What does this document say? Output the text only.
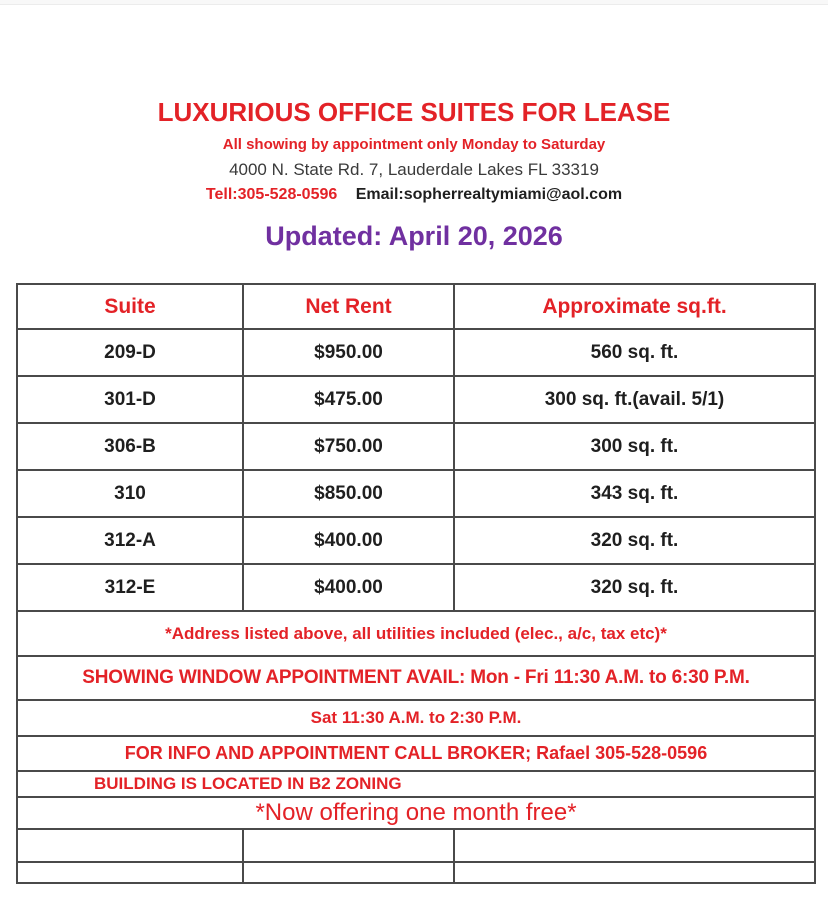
LUXURIOUS OFFICE SUITES FOR LEASE
All showing by appointment only Monday to Saturday
4000 N. State Rd. 7, Lauderdale Lakes FL 33319
Tell:305-528-0596 Email:sopherrealtymiami@aol.com
Updated: April 20, 2026
Suite	Net Rent	Approximate sq.ft.
209-D	$950.00	560 sq. ft.
301-D	$475.00	300 sq. ft.(avail. 5/1)
306-B	$750.00	300 sq. ft.
310	$850.00	343 sq. ft.
312-A	$400.00	320 sq. ft.
312-E	$400.00	320 sq. ft.
*Address listed above, all utilities included (elec., a/c, tax etc)*		
SHOWING WINDOW APPOINTMENT AVAIL: Mon - Fri 11:30 A.M. to 6:30 P.M.		
Sat 11:30 A.M. to 2:30 P.M.		
FOR INFO AND APPOINTMENT CALL BROKER; Rafael 305-528-0596		
BUILDING IS LOCATED IN B2 ZONING		
*Now offering one month free*		
